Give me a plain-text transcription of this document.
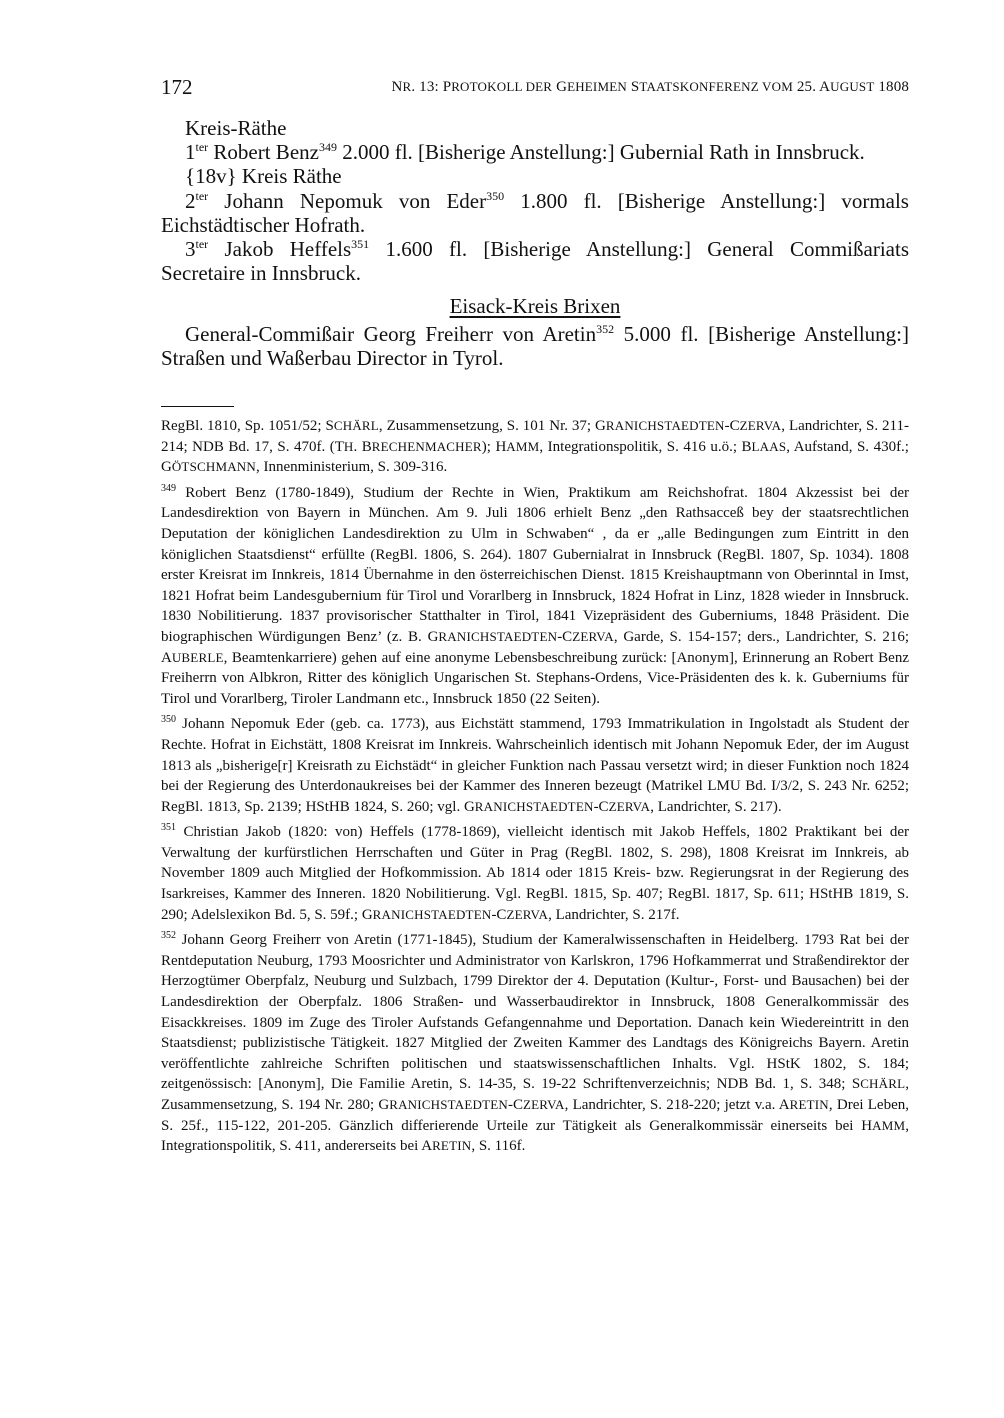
172	NR. 13: PROTOKOLL DER GEHEIMEN STAATSKONFERENZ VOM 25. AUGUST 1808

Kreis-Räthe

$1^{ter}$ Robert Benz$^{349}$ 2.000 fl. [Bisherige Anstellung:] Gubernial Rath in Innsbruck.

{18v} Kreis Räthe

$2^{ter}$ Johann Nepomuk von Eder$^{350}$ 1.800 fl. [Bisherige Anstellung:] vormals Eichstädtischer Hofrath.

$3^{ter}$ Jakob Heffels$^{351}$ 1.600 fl. [Bisherige Anstellung:] General Commißariats Secretaire in Innsbruck.

Eisack-Kreis Brixen

General-Commißair Georg Freiherr von Aretin$^{352}$ 5.000 fl. [Bisherige Anstellung:] Straßen und Waßerbau Director in Tyrol.

RegBl. 1810, Sp. 1051/52; SCHÄRL, Zusammensetzung, S. 101 Nr. 37; GRANICHSTAEDTEN-CZERVA, Landrichter, S. 211-214; NDB Bd. 17, S. 470f. (TH. BRECHENMACHER); HAMM, Integrationspolitik, S. 416 u.ö.; BLAAS, Aufstand, S. 430f.; GÖTSCHMANN, Innenministerium, S. 309-316.

$^{349}$ Robert Benz (1780-1849), Studium der Rechte in Wien, Praktikum am Reichshofrat. 1804 Akzessist bei der Landesdirektion von Bayern in München. Am 9. Juli 1806 erhielt Benz „den Rathsacceß bey der staatsrechtlichen Deputation der königlichen Landesdirektion zu Ulm in Schwaben“ , da er „alle Bedingungen zum Eintritt in den königlichen Staatsdienst“ erfüllte (RegBl. 1806, S. 264). 1807 Gubernialrat in Innsbruck (RegBl. 1807, Sp. 1034). 1808 erster Kreisrat im Innkreis, 1814 Übernahme in den österreichischen Dienst. 1815 Kreishauptmann von Oberinntal in Imst, 1821 Hofrat beim Landesgubernium für Tirol und Vorarlberg in Innsbruck, 1824 Hofrat in Linz, 1828 wieder in Innsbruck. 1830 Nobilitierung. 1837 provisorischer Statthalter in Tirol, 1841 Vizepräsident des Guberniums, 1848 Präsident. Die biographischen Würdigungen Benz’ (z. B. GRANICHSTAEDTEN-CZERVA, Garde, S. 154-157; ders., Landrichter, S. 216; AUBERLE, Beamtenkarriere) gehen auf eine anonyme Lebensbeschreibung zurück: [Anonym], Erinnerung an Robert Benz Freiherrn von Albkron, Ritter des königlich Ungarischen St. Stephans-Ordens, Vice-Präsidenten des k. k. Guberniums für Tirol und Vorarlberg, Tiroler Landmann etc., Innsbruck 1850 (22 Seiten).

$^{350}$ Johann Nepomuk Eder (geb. ca. 1773), aus Eichstätt stammend, 1793 Immatrikulation in Ingolstadt als Student der Rechte. Hofrat in Eichstätt, 1808 Kreisrat im Innkreis. Wahrscheinlich identisch mit Johann Nepomuk Eder, der im August 1813 als „bisherige[r] Kreisrath zu Eichstädt“ in gleicher Funktion nach Passau versetzt wird; in dieser Funktion noch 1824 bei der Regierung des Unterdonaukreises bei der Kammer des Inneren bezeugt (Matrikel LMU Bd. I/3/2, S. 243 Nr. 6252; RegBl. 1813, Sp. 2139; HStHB 1824, S. 260; vgl. GRANICHSTAEDTEN-CZERVA, Landrichter, S. 217).

$^{351}$ Christian Jakob (1820: von) Heffels (1778-1869), vielleicht identisch mit Jakob Heffels, 1802 Praktikant bei der Verwaltung der kurfürstlichen Herrschaften und Güter in Prag (RegBl. 1802, S. 298), 1808 Kreisrat im Innkreis, ab November 1809 auch Mitglied der Hofkommission. Ab 1814 oder 1815 Kreis- bzw. Regierungsrat in der Regierung des Isarkreises, Kammer des Inneren. 1820 Nobilitierung. Vgl. RegBl. 1815, Sp. 407; RegBl. 1817, Sp. 611; HStHB 1819, S. 290; Adelslexikon Bd. 5, S. 59f.; GRANICHSTAEDTEN-CZERVA, Landrichter, S. 217f.

$^{352}$ Johann Georg Freiherr von Aretin (1771-1845), Studium der Kameralwissenschaften in Heidelberg. 1793 Rat bei der Rentdeputation Neuburg, 1793 Moosrichter und Administrator von Karlskron, 1796 Hofkammerrat und Straßendirektor der Herzogtümer Oberpfalz, Neuburg und Sulzbach, 1799 Direktor der 4. Deputation (Kultur-, Forst- und Bausachen) bei der Landesdirektion der Oberpfalz. 1806 Straßen- und Wasserbaudirektor in Innsbruck, 1808 Generalkommissär des Eisackkreises. 1809 im Zuge des Tiroler Aufstands Gefangennahme und Deportation. Danach kein Wiedereintritt in den Staatsdienst; publizistische Tätigkeit. 1827 Mitglied der Zweiten Kammer des Landtags des Königreichs Bayern. Aretin veröffentlichte zahlreiche Schriften politischen und staatswissenschaftlichen Inhalts. Vgl. HStK 1802, S. 184; zeitgenössisch: [Anonym], Die Familie Aretin, S. 14-35, S. 19-22 Schriftenverzeichnis; NDB Bd. 1, S. 348; SCHÄRL, Zusammensetzung, S. 194 Nr. 280; GRANICHSTAEDTEN-CZERVA, Landrichter, S. 218-220; jetzt v.a. ARETIN, Drei Leben, S. 25f., 115-122, 201-205. Gänzlich differierende Urteile zur Tätigkeit als Generalkommissär einerseits bei HAMM, Integrationspolitik, S. 411, andererseits bei ARETIN, S. 116f.
